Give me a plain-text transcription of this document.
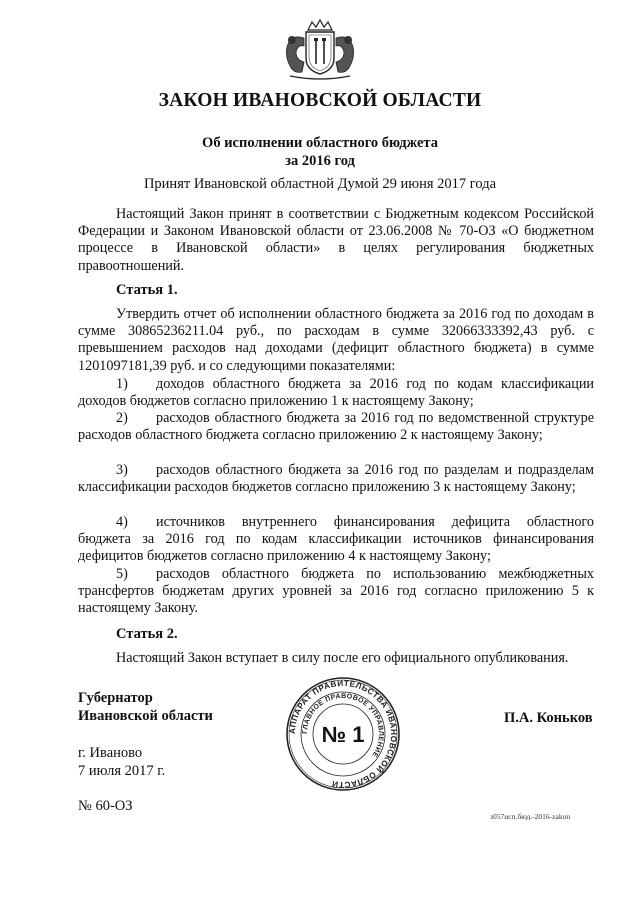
ЗАКОН ИВАНОВСКОЙ ОБЛАСТИ
Об исполнении областного бюджета
за 2016 год
Принят Ивановской областной Думой 29 июня 2017 года

Настоящий Закон принят в соответствии с Бюджетным кодексом Российской Федерации и Законом Ивановской области от 23.06.2008 № 70-ОЗ «О бюджетном процессе в Ивановской области» в целях регулирования бюджетных правоотношений.

Статья 1.

Утвердить отчет об исполнении областного бюджета за 2016 год по доходам в сумме 30865236211.04 руб., по расходам в сумме 32066333392,43 руб. с превышением расходов над доходами (дефицит областного бюджета) в сумме 1201097181,39 руб. и со следующими показателями:

1) доходов областного бюджета за 2016 год по кодам классификации доходов бюджетов согласно приложению 1 к настоящему Закону;

2) расходов областного бюджета за 2016 год по ведомственной структуре расходов областного бюджета согласно приложению 2 к настоящему Закону;

3) расходов областного бюджета за 2016 год по разделам и подразделам классификации расходов бюджетов согласно приложению 3 к настоящему Закону;

4) источников внутреннего финансирования дефицита областного бюджета за 2016 год по кодам классификации источников финансирования дефицитов бюджетов согласно приложению 4 к настоящему Закону;

5) расходов областного бюджета по использованию межбюджетных трансфертов бюджетам других уровней за 2016 год согласно приложению 5 к настоящему Закону.

Статья 2.

Настоящий Закон вступает в силу после его официального опубликования.

Губернатор
Ивановской области
АППАРАТ ПРАВИТЕЛЬСТВА ИВАНОВСКОЙ ОБЛАСТИ
ГЛАВНОЕ ПРАВОВОЕ УПРАВЛЕНИЕ
№ 1
П.А. Коньков
г. Иваново
7 июля 2017 г.
№ 60-ОЗ
з057исп.бюд.-2016-zakon
